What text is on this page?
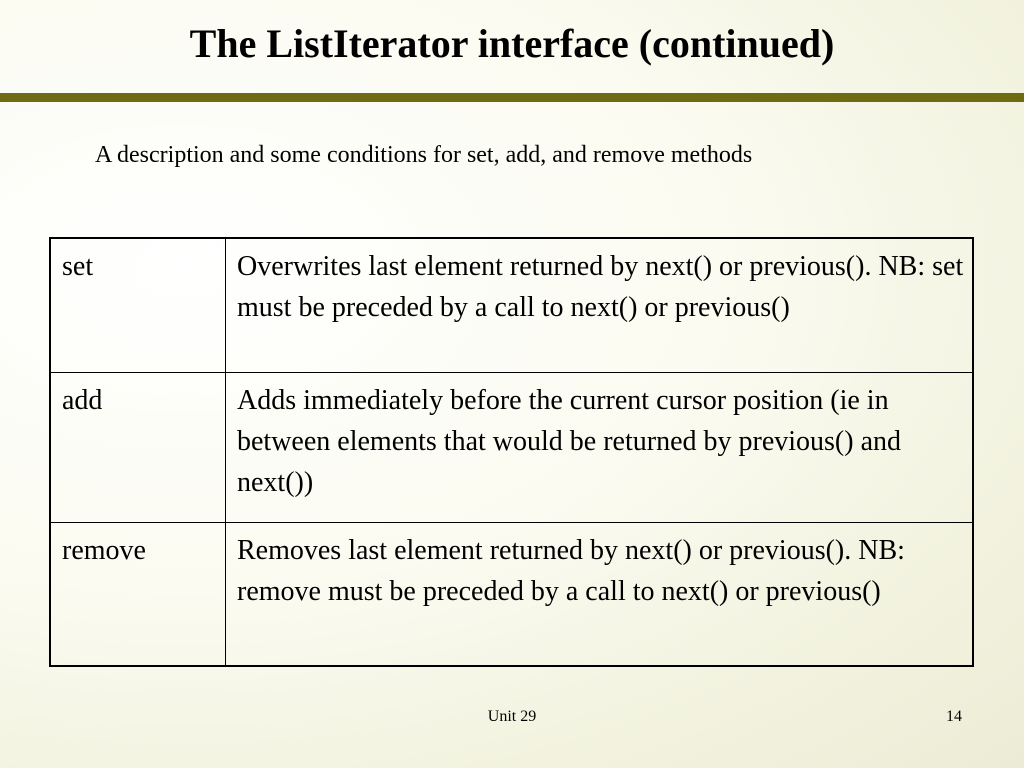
The ListIterator interface (continued)
A description and some conditions for set, add, and remove methods
set	Overwrites last element returned by next() or previous(). NB: set must be preceded by a call to next() or previous()
add	Adds immediately before the current cursor position (ie in between elements that would be returned by previous() and next())
remove	Removes last element returned by next() or previous(). NB: remove must be preceded by a call to next() or previous()
Unit 29	14
